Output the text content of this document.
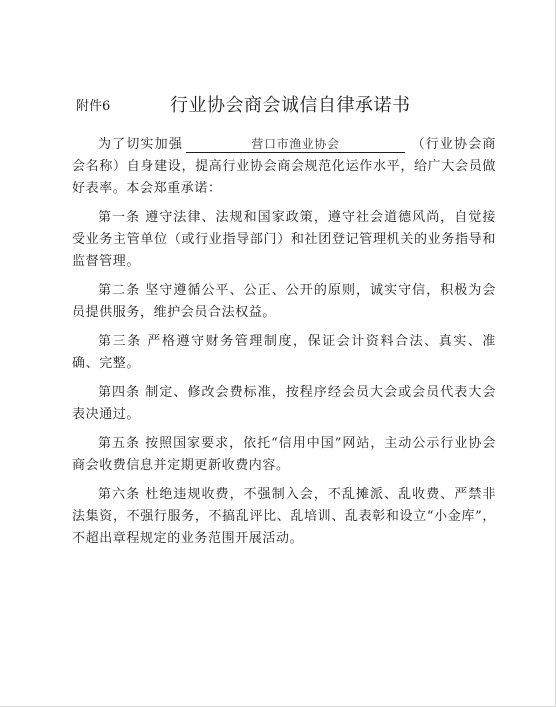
附件6	行业协会商会诚信自律承诺书

为了切实加强	营口市渔业协会	（行业协会商会名称）自身建设，提高行业协会商会规范化运作水平，给广大会员做好表率。本会郑重承诺：

第一条 遵守法律、法规和国家政策，遵守社会道德风尚，自觉接受业务主管单位（或行业指导部门）和社团登记管理机关的业务指导和监督管理。

第二条 坚守遵循公平、公正、公开的原则，诚实守信，积极为会员提供服务，维护会员合法权益。

第三条 严格遵守财务管理制度，保证会计资料合法、真实、准确、完整。

第四条 制定、修改会费标准，按程序经会员大会或会员代表大会表决通过。

第五条 按照国家要求，依托“信用中国”网站，主动公示行业协会商会收费信息并定期更新收费内容。

第六条 杜绝违规收费，不强制入会，不乱摊派、乱收费、严禁非法集资，不强行服务，不搞乱评比、乱培训、乱表彰和设立“小金库”，不超出章程规定的业务范围开展活动。
